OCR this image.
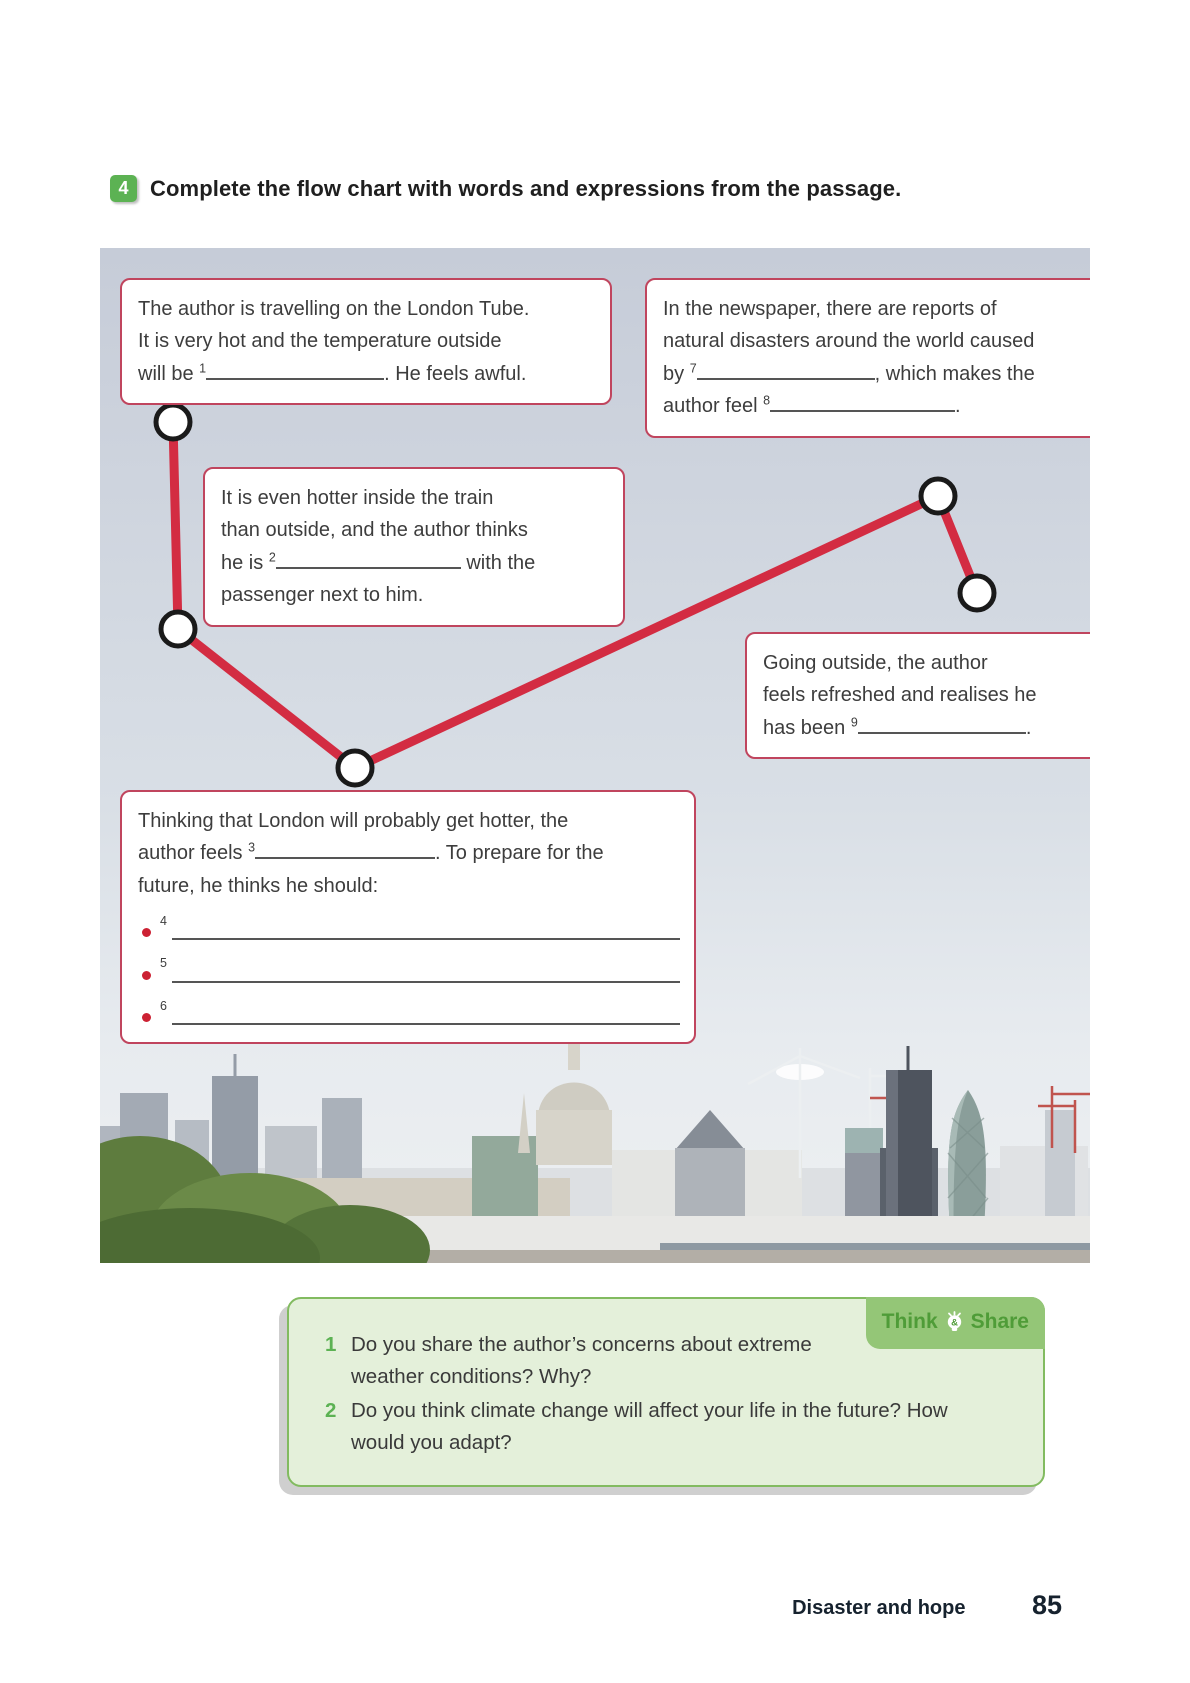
4 Complete the flow chart with words and expressions from the passage.
The author is travelling on the London Tube.
It is very hot and the temperature outside
will be $^1$	. He feels awful.
In the newspaper, there are reports of
natural disasters around the world caused
by $^7$	, which makes the
author feel $^8$	.
It is even hotter inside the train
than outside, and the author thinks
he is $^2$	with the
passenger next to him.
Going outside, the author
feels refreshed and realises he
has been $^9$	.
Thinking that London will probably get hotter, the
author feels $^3$	. To prepare for the
future, he thinks he should:
4
5
6
Think & Share
1 Do you share the author’s concerns about extreme
weather conditions? Why?
2 Do you think climate change will affect your life in the future? How
would you adapt?
Disaster and hope 85
